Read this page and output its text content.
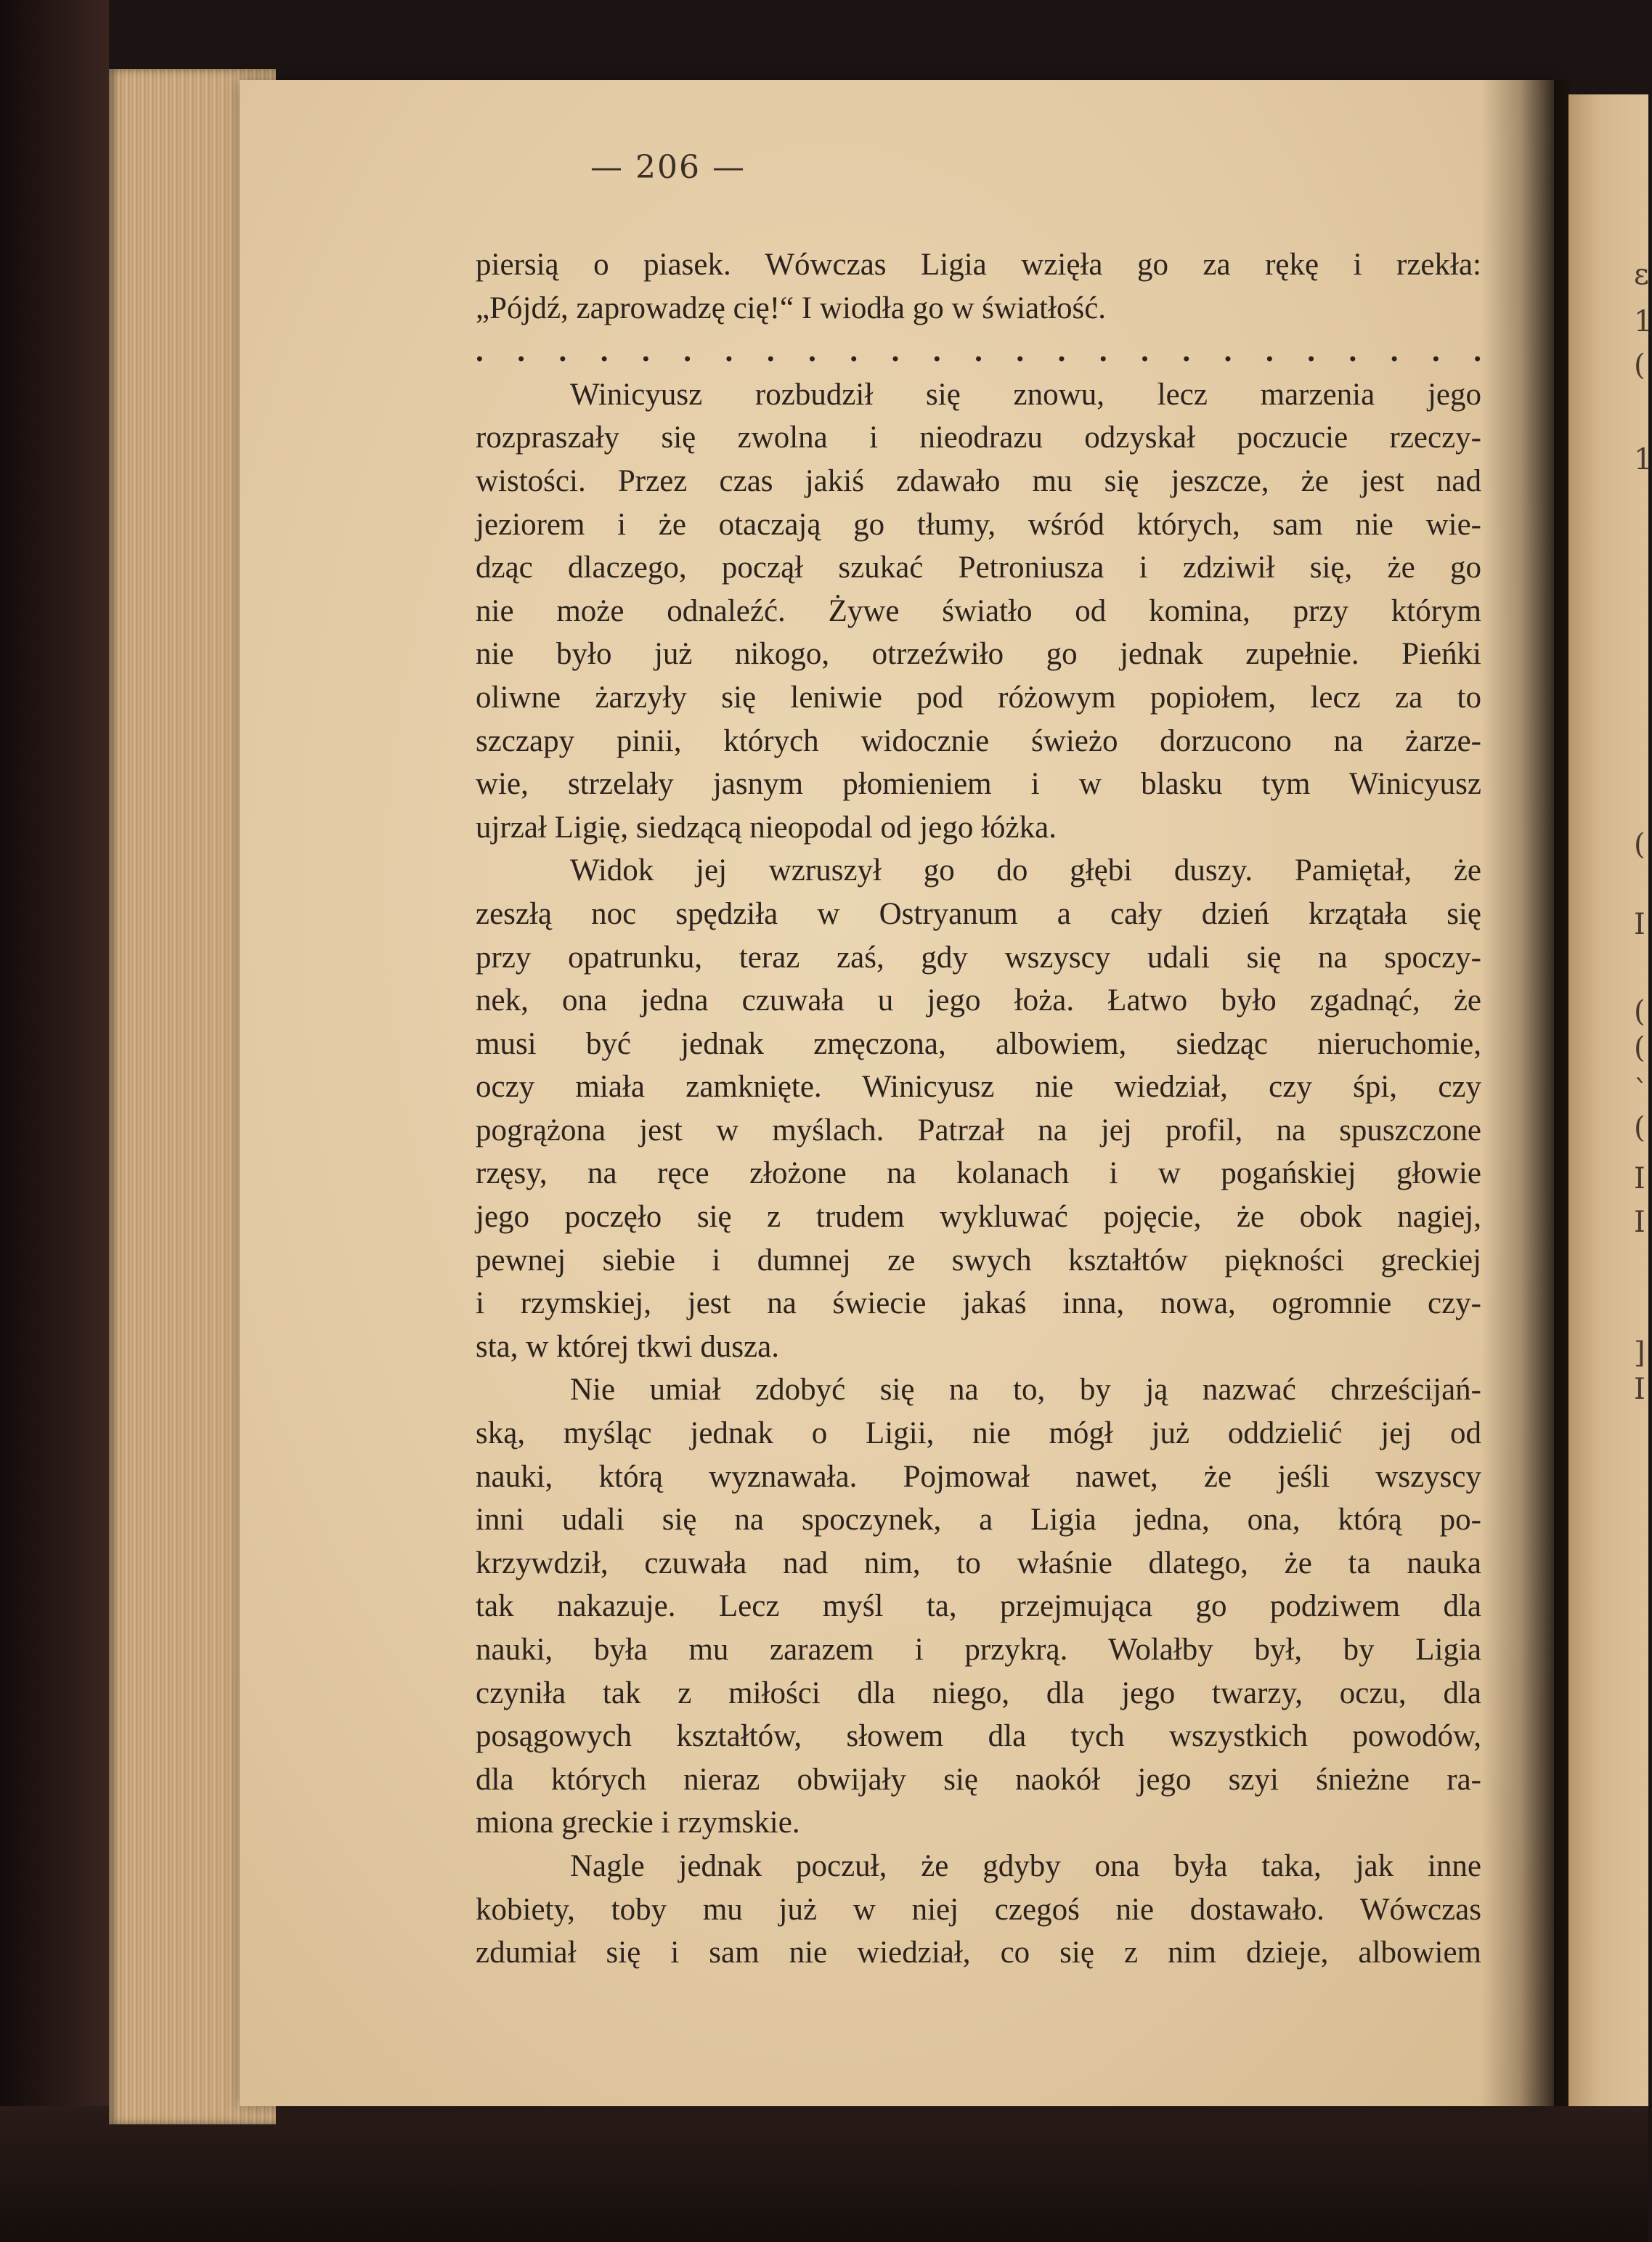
— 206 —
piersią o piasek. Wówczas Ligia wzięła go za rękę i rzekła:
„Pójdź, zaprowadzę cię!“ I wiodła go w światłość.
. . . . . . . . . . . . . . . . . . . . . . . . .
Winicyusz rozbudził się znowu, lecz marzenia jego
rozpraszały się zwolna i nieodrazu odzyskał poczucie rzeczy-
wistości. Przez czas jakiś zdawało mu się jeszcze, że jest nad
jeziorem i że otaczają go tłumy, wśród których, sam nie wie-
dząc dlaczego, począł szukać Petroniusza i zdziwił się, że go
nie może odnaleźć. Żywe światło od komina, przy którym
nie było już nikogo, otrzeźwiło go jednak zupełnie. Pieńki
oliwne żarzyły się leniwie pod różowym popiołem, lecz za to
szczapy pinii, których widocznie świeżo dorzucono na żarze-
wie, strzelały jasnym płomieniem i w blasku tym Winicyusz
ujrzał Ligię, siedzącą nieopodal od jego łóżka.
Widok jej wzruszył go do głębi duszy. Pamiętał, że
zeszłą noc spędziła w Ostryanum a cały dzień krzątała się
przy opatrunku, teraz zaś, gdy wszyscy udali się na spoczy-
nek, ona jedna czuwała u jego łoża. Łatwo było zgadnąć, że
musi być jednak zmęczona, albowiem, siedząc nieruchomie,
oczy miała zamknięte. Winicyusz nie wiedział, czy śpi, czy
pogrążona jest w myślach. Patrzał na jej profil, na spuszczone
rzęsy, na ręce złożone na kolanach i w pogańskiej głowie
jego poczęło się z trudem wykluwać pojęcie, że obok nagiej,
pewnej siebie i dumnej ze swych kształtów piękności greckiej
i rzymskiej, jest na świecie jakaś inna, nowa, ogromnie czy-
sta, w której tkwi dusza.
Nie umiał zdobyć się na to, by ją nazwać chrześcijań-
ską, myśląc jednak o Ligii, nie mógł już oddzielić jej od
nauki, którą wyznawała. Pojmował nawet, że jeśli wszyscy
inni udali się na spoczynek, a Ligia jedna, ona, którą po-
krzywdził, czuwała nad nim, to właśnie dlatego, że ta nauka
tak nakazuje. Lecz myśl ta, przejmująca go podziwem dla
nauki, była mu zarazem i przykrą. Wolałby był, by Ligia
czyniła tak z miłości dla niego, dla jego twarzy, oczu, dla
posągowych kształtów, słowem dla tych wszystkich powodów,
dla których nieraz obwijały się naokół jego szyi śnieżne ra-
miona greckie i rzymskie.
Nagle jednak poczuł, że gdyby ona była taka, jak inne
kobiety, toby mu już w niej czegoś nie dostawało. Wówczas
zdumiał się i sam nie wiedział, co się z nim dzieje, albowiem
ε
1
(
1
(
I
(
(
ˋ
(
I
I
]
I
